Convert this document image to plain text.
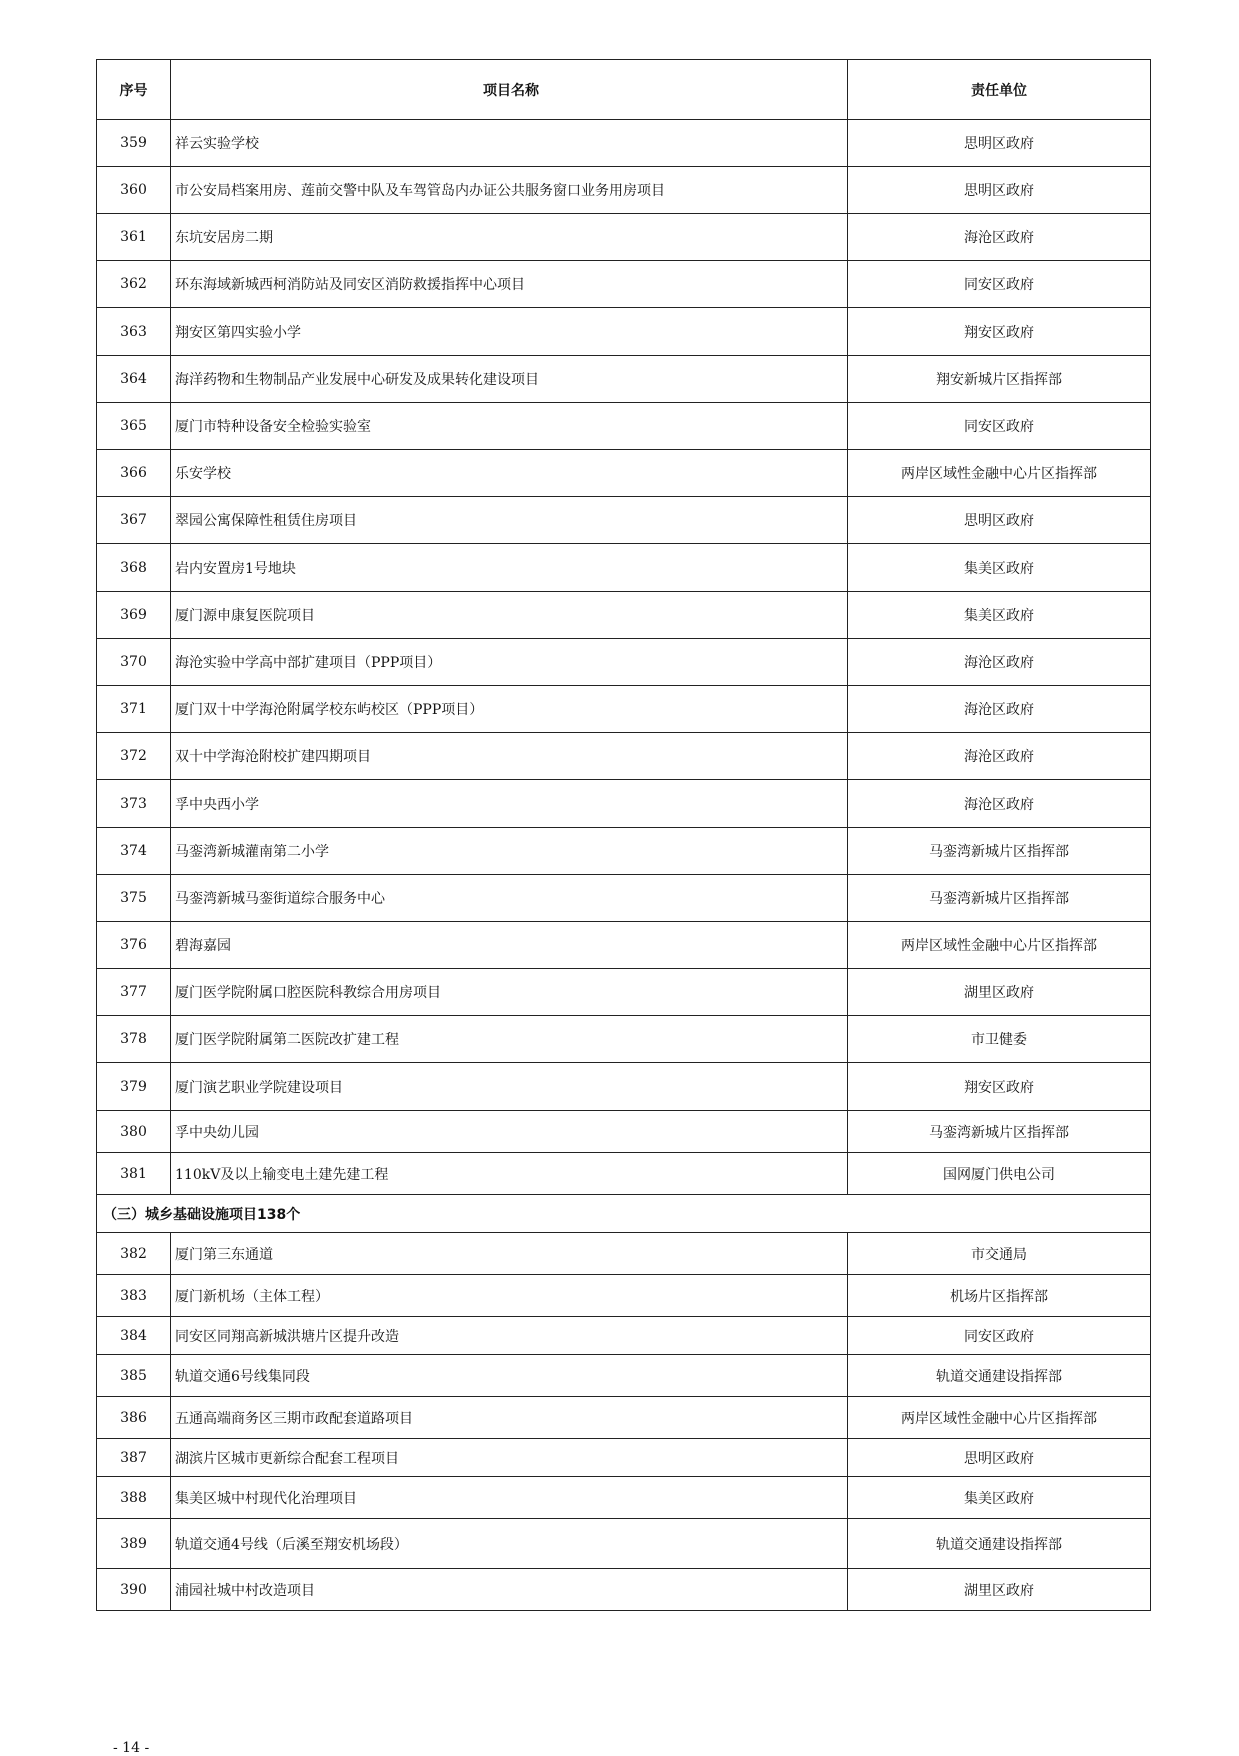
序号	项目名称	责任单位
359	祥云实验学校	思明区政府
360	市公安局档案用房、莲前交警中队及车驾管岛内办证公共服务窗口业务用房项目	思明区政府
361	东坑安居房二期	海沧区政府
362	环东海域新城西柯消防站及同安区消防救援指挥中心项目	同安区政府
363	翔安区第四实验小学	翔安区政府
364	海洋药物和生物制品产业发展中心研发及成果转化建设项目	翔安新城片区指挥部
365	厦门市特种设备安全检验实验室	同安区政府
366	乐安学校	两岸区域性金融中心片区指挥部
367	翠园公寓保障性租赁住房项目	思明区政府
368	岩内安置房1号地块	集美区政府
369	厦门源申康复医院项目	集美区政府
370	海沧实验中学高中部扩建项目（PPP项目）	海沧区政府
371	厦门双十中学海沧附属学校东屿校区（PPP项目）	海沧区政府
372	双十中学海沧附校扩建四期项目	海沧区政府
373	孚中央西小学	海沧区政府
374	马銮湾新城灌南第二小学	马銮湾新城片区指挥部
375	马銮湾新城马銮街道综合服务中心	马銮湾新城片区指挥部
376	碧海嘉园	两岸区域性金融中心片区指挥部
377	厦门医学院附属口腔医院科教综合用房项目	湖里区政府
378	厦门医学院附属第二医院改扩建工程	市卫健委
379	厦门演艺职业学院建设项目	翔安区政府
380	孚中央幼儿园	马銮湾新城片区指挥部
381	110kV及以上输变电土建先建工程	国网厦门供电公司
（三）城乡基础设施项目138个		
382	厦门第三东通道	市交通局
383	厦门新机场（主体工程）	机场片区指挥部
384	同安区同翔高新城洪塘片区提升改造	同安区政府
385	轨道交通6号线集同段	轨道交通建设指挥部
386	五通高端商务区三期市政配套道路项目	两岸区域性金融中心片区指挥部
387	湖滨片区城市更新综合配套工程项目	思明区政府
388	集美区城中村现代化治理项目	集美区政府
389	轨道交通4号线（后溪至翔安机场段）	轨道交通建设指挥部
390	浦园社城中村改造项目	湖里区政府
- 14 -
